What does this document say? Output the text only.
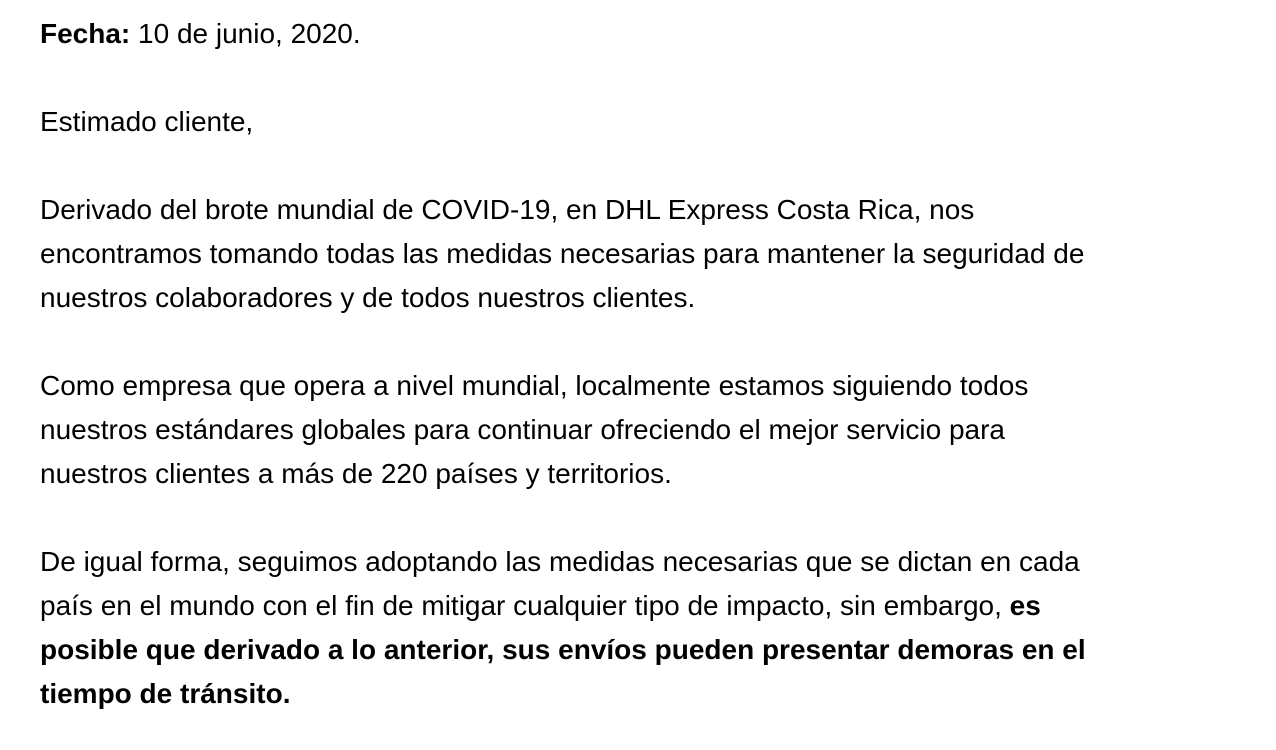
Fecha: 10 de junio, 2020.

Estimado cliente,

Derivado del brote mundial de COVID-19, en DHL Express Costa Rica, nos encontramos tomando todas las medidas necesarias para mantener la seguridad de nuestros colaboradores y de todos nuestros clientes.

Como empresa que opera a nivel mundial, localmente estamos siguiendo todos nuestros estándares globales para continuar ofreciendo el mejor servicio para nuestros clientes a más de 220 países y territorios.

De igual forma, seguimos adoptando las medidas necesarias que se dictan en cada país en el mundo con el fin de mitigar cualquier tipo de impacto, sin embargo, es posible que derivado a lo anterior, sus envíos pueden presentar demoras en el tiempo de tránsito.
